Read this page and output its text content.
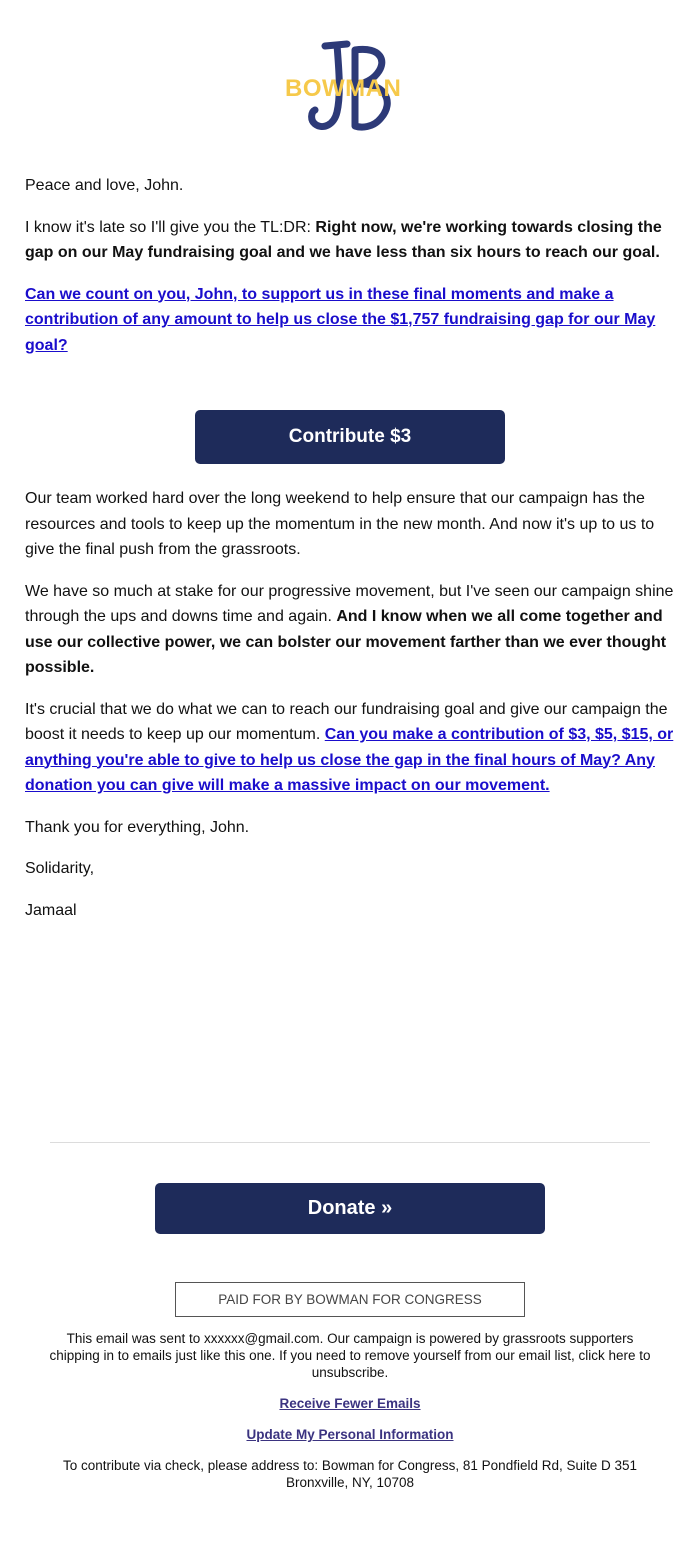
BOWMAN

Peace and love, John.

I know it's late so I'll give you the TL:DR: Right now, we're working towards closing the gap on our May fundraising goal and we have less than six hours to reach our goal.

Can we count on you, John, to support us in these final moments and make a contribution of any amount to help us close the $1,757 fundraising gap for our May goal?

Our team worked hard over the long weekend to help ensure that our campaign has the resources and tools to keep up the momentum in the new month. And now it's up to us to give the final push from the grassroots.

We have so much at stake for our progressive movement, but I've seen our campaign shine through the ups and downs time and again. And I know when we all come together and use our collective power, we can bolster our movement farther than we ever thought possible.

It's crucial that we do what we can to reach our fundraising goal and give our campaign the boost it needs to keep up our momentum. Can you make a contribution of $3, $5, $15, or anything you're able to give to help us close the gap in the final hours of May? Any donation you can give will make a massive impact on our movement.

Thank you for everything, John.

Solidarity,

Jamaal

Contribute $3
Donate »
PAID FOR BY BOWMAN FOR CONGRESS

This email was sent to xxxxxx@gmail.com. Our campaign is powered by grassroots supporters chipping in to emails just like this one. If you need to remove yourself from our email list, click here to unsubscribe.

Receive Fewer Emails

Update My Personal Information

To contribute via check, please address to: Bowman for Congress, 81 Pondfield Rd, Suite D 351

Bronxville, NY, 10708
